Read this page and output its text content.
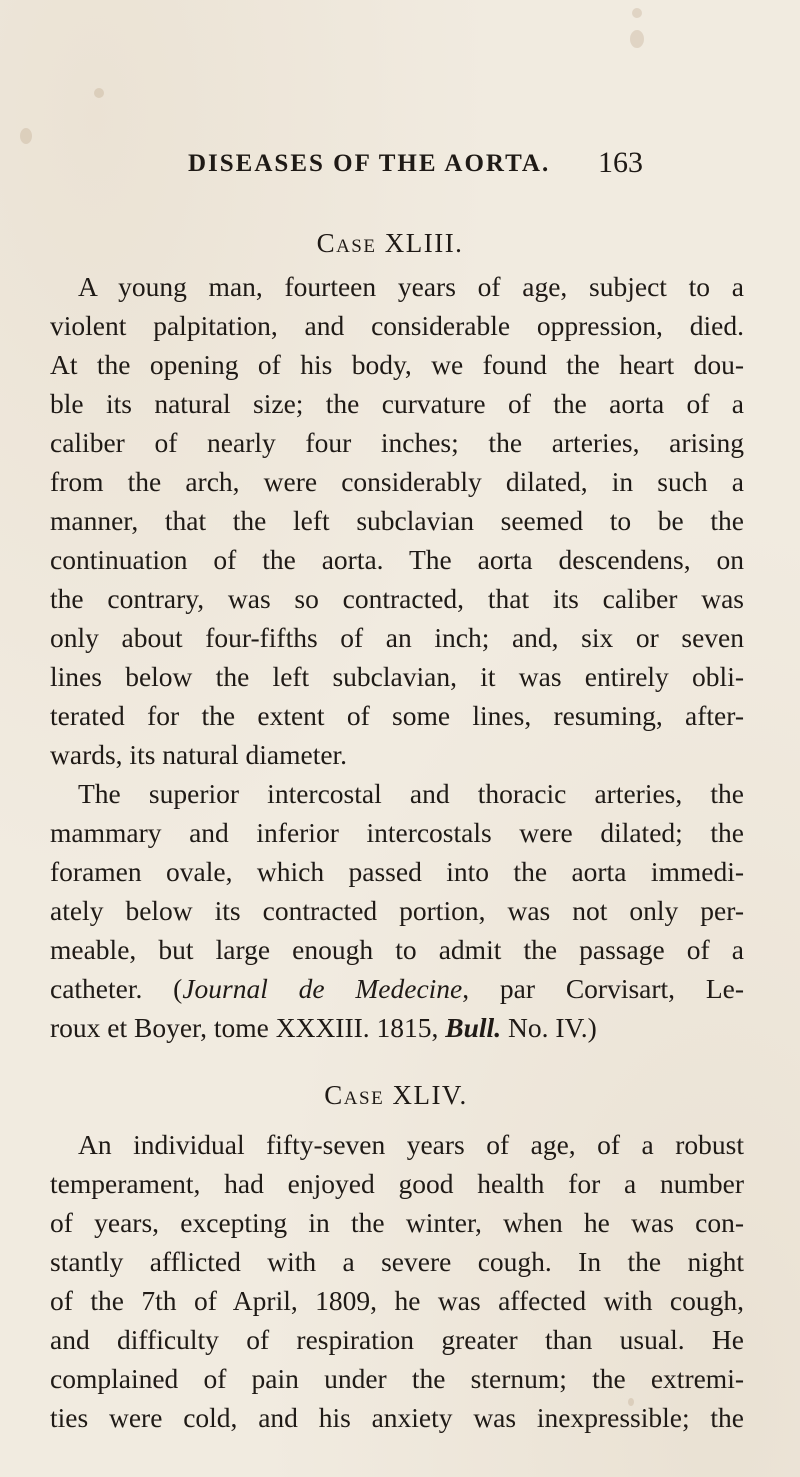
DISEASES OF THE AORTA. 163
Case XLIII.
A young man, fourteen years of age, subject to a
violent palpitation, and considerable oppression, died.
At the opening of his body, we found the heart dou-
ble its natural size; the curvature of the aorta of a
caliber of nearly four inches; the arteries, arising
from the arch, were considerably dilated, in such a
manner, that the left subclavian seemed to be the
continuation of the aorta. The aorta descendens, on
the contrary, was so contracted, that its caliber was
only about four-fifths of an inch; and, six or seven
lines below the left subclavian, it was entirely obli-
terated for the extent of some lines, resuming, after-
wards, its natural diameter.
The superior intercostal and thoracic arteries, the
mammary and inferior intercostals were dilated; the
foramen ovale, which passed into the aorta immedi-
ately below its contracted portion, was not only per-
meable, but large enough to admit the passage of a
catheter. (Journal de Medecine, par Corvisart, Le-
roux et Boyer, tome XXXIII. 1815, Bull. No. IV.)
Case XLIV.
An individual fifty-seven years of age, of a robust
temperament, had enjoyed good health for a number
of years, excepting in the winter, when he was con-
stantly afflicted with a severe cough. In the night
of the 7th of April, 1809, he was affected with cough,
and difficulty of respiration greater than usual. He
complained of pain under the sternum; the extremi-
ties were cold, and his anxiety was inexpressible; the
